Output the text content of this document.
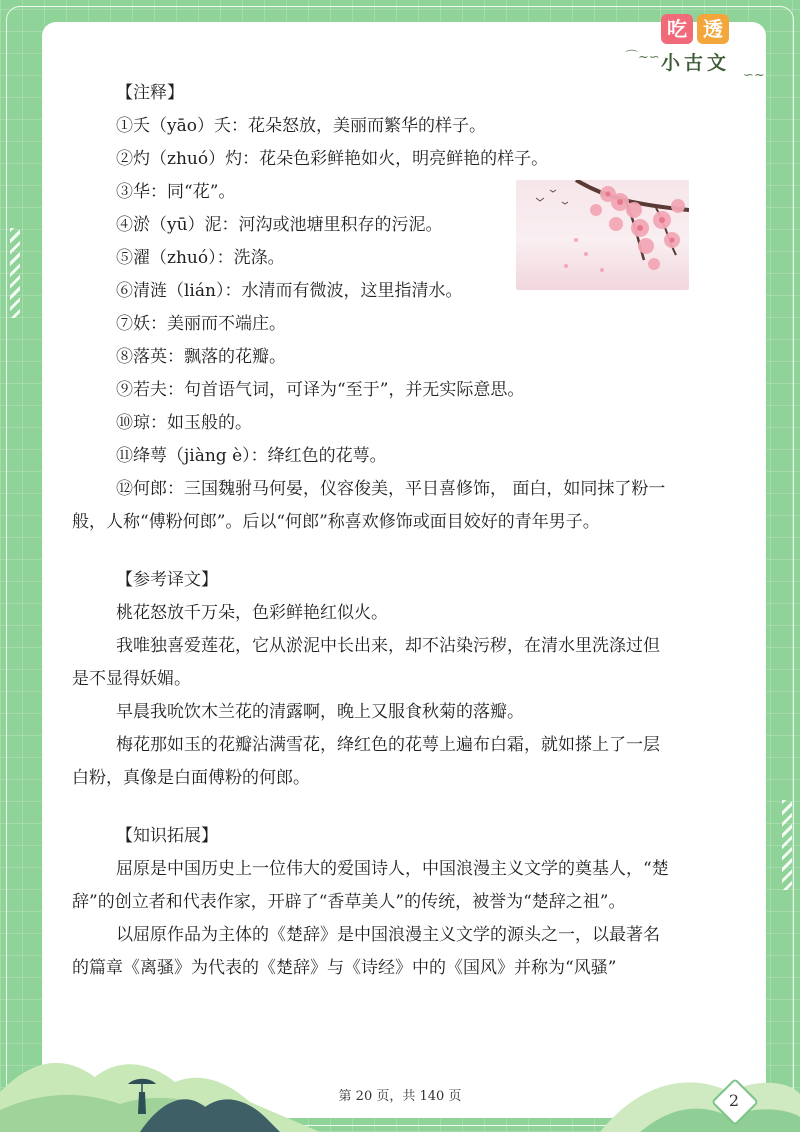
⌒~∽
吃 透
小古文
∽~
【注释】
①夭（yāo）夭：花朵怒放，美丽而繁华的样子。
②灼（zhuó）灼：花朵色彩鲜艳如火，明亮鲜艳的样子。
③华：同“花”。
④淤（yū）泥：河沟或池塘里积存的污泥。
⑤濯（zhuó）：洗涤。
⑥清涟（lián）：水清而有微波，这里指清水。
⑦妖：美丽而不端庄。
⑧落英：飘落的花瓣。
⑨若夫：句首语气词，可译为“至于”，并无实际意思。
⑩琼：如玉般的。
⑪绛萼（jiàng è）：绛红色的花萼。
⑫何郎：三国魏驸马何晏，仪容俊美，平日喜修饰， 面白，如同抹了粉一
般，人称“傅粉何郎”。后以“何郎”称喜欢修饰或面目姣好的青年男子。
【参考译文】
桃花怒放千万朵，色彩鲜艳红似火。
我唯独喜爱莲花，它从淤泥中长出来，却不沾染污秽，在清水里洗涤过但
是不显得妖媚。
早晨我吮饮木兰花的清露啊，晚上又服食秋菊的落瓣。
梅花那如玉的花瓣沾满雪花，绛红色的花萼上遍布白霜，就如搽上了一层
白粉，真像是白面傅粉的何郎。
【知识拓展】
屈原是中国历史上一位伟大的爱国诗人，中国浪漫主义文学的奠基人，“楚
辞”的创立者和代表作家，开辟了“香草美人”的传统，被誉为“楚辞之祖”。
以屈原作品为主体的《楚辞》是中国浪漫主义文学的源头之一，以最著名
的篇章《离骚》为代表的《楚辞》与《诗经》中的《国风》并称为“风骚”
第 20 页，共 140 页	2
